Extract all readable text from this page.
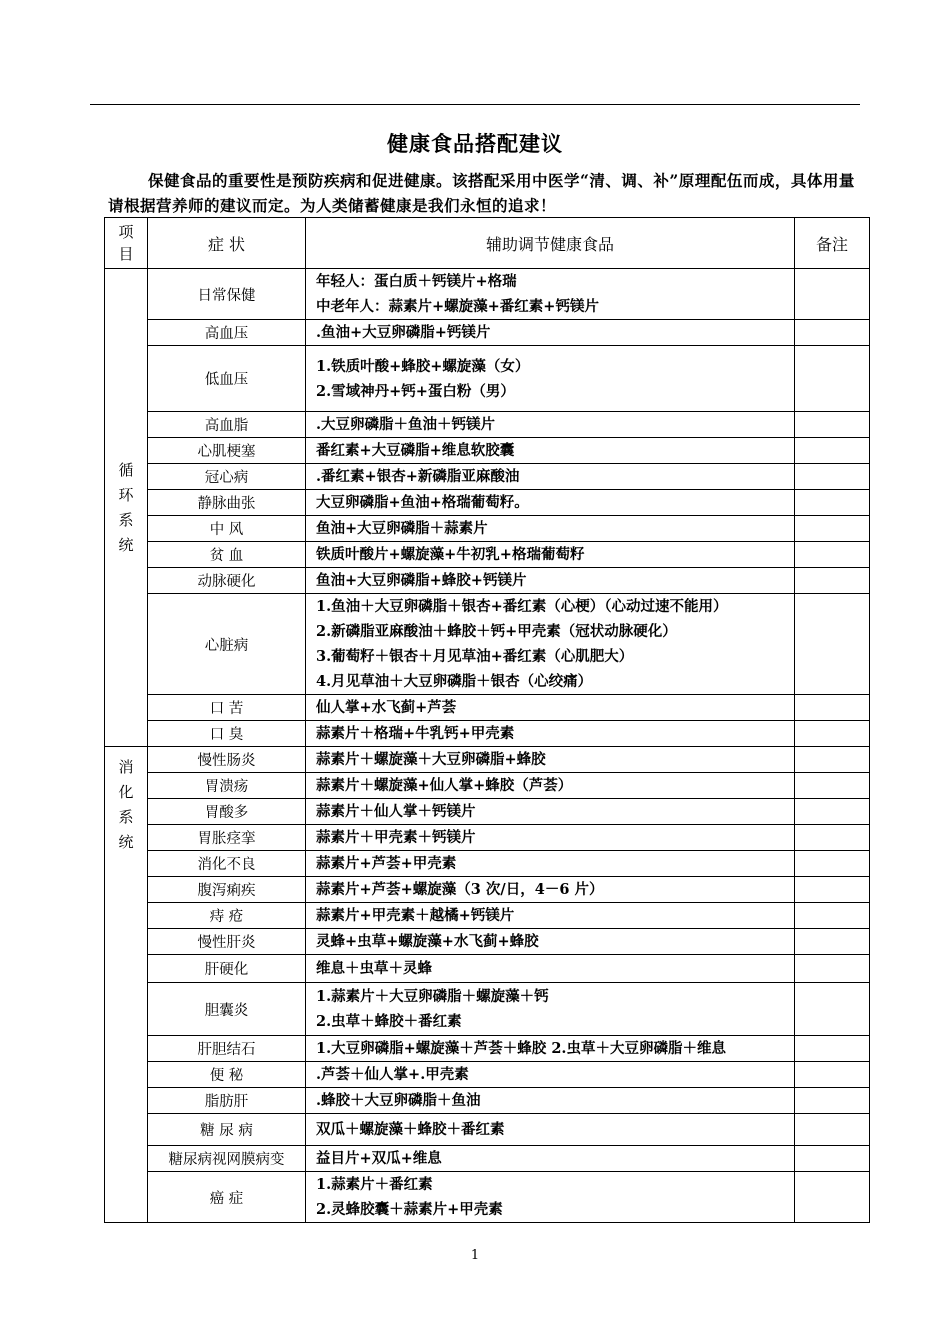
健康食品搭配建议
保健食品的重要性是预防疾病和促进健康。该搭配采用中医学“清、调、补”原理配伍而成，具体用量请根据营养师的建议而定。为人类储蓄健康是我们永恒的追求！
项目	症 状	辅助调节健康食品	备注
循环系统	日常保健	年轻人：蛋白质＋钙镁片+格瑞
中老年人：蒜素片+螺旋藻+番红素+钙镁片	

	高血压	.鱼油+大豆卵磷脂+钙镁片	

	低血压	1.铁质叶酸+蜂胶+螺旋藻（女）
2.雪域神丹+钙+蛋白粉（男）	

	高血脂	.大豆卵磷脂＋鱼油＋钙镁片	

	心肌梗塞	番红素+大豆磷脂+维息软胶囊	

	冠心病	.番红素+银杏+新磷脂亚麻酸油	

	静脉曲张	大豆卵磷脂+鱼油+格瑞葡萄籽。	

	中 风	鱼油+大豆卵磷脂＋蒜素片	

	贫 血	铁质叶酸片+螺旋藻+牛初乳+格瑞葡萄籽	

	动脉硬化	鱼油+大豆卵磷脂+蜂胶+钙镁片	

	心脏病	1.鱼油＋大豆卵磷脂＋银杏+番红素（心梗）（心动过速不能用）
2.新磷脂亚麻酸油＋蜂胶＋钙+甲壳素（冠状动脉硬化）
3.葡萄籽＋银杏＋月见草油+番红素（心肌肥大）
4.月见草油＋大豆卵磷脂＋银杏（心绞痛）	

	口 苦	仙人掌+水飞蓟+芦荟	

	口 臭	蒜素片＋格瑞+牛乳钙+甲壳素	

消化系统	慢性肠炎	蒜素片＋螺旋藻＋大豆卵磷脂+蜂胶	

	胃溃疡	蒜素片＋螺旋藻+仙人掌+蜂胶（芦荟）	

	胃酸多	蒜素片＋仙人掌＋钙镁片	

	胃胀痉挛	蒜素片＋甲壳素＋钙镁片	

	消化不良	蒜素片+芦荟+甲壳素	

	腹泻痢疾	蒜素片+芦荟+螺旋藻（3 次/日，4－6 片）	

	痔 疮	蒜素片+甲壳素＋越橘+钙镁片	

	慢性肝炎	灵蜂+虫草+螺旋藻+水飞蓟+蜂胶	

	肝硬化	维息＋虫草＋灵蜂	

	胆囊炎	1.蒜素片＋大豆卵磷脂＋螺旋藻＋钙
2.虫草＋蜂胶＋番红素	

	肝胆结石	1.大豆卵磷脂+螺旋藻＋芦荟＋蜂胶 2.虫草＋大豆卵磷脂＋维息	

	便 秘	.芦荟＋仙人掌+.甲壳素	

	脂肪肝	.蜂胶＋大豆卵磷脂＋鱼油	

	糖 尿 病	双瓜＋螺旋藻＋蜂胶＋番红素	

	糖尿病视网膜病变	益目片+双瓜+维息	

	癌 症	1.蒜素片＋番红素
2.灵蜂胶囊＋蒜素片+甲壳素	

1
